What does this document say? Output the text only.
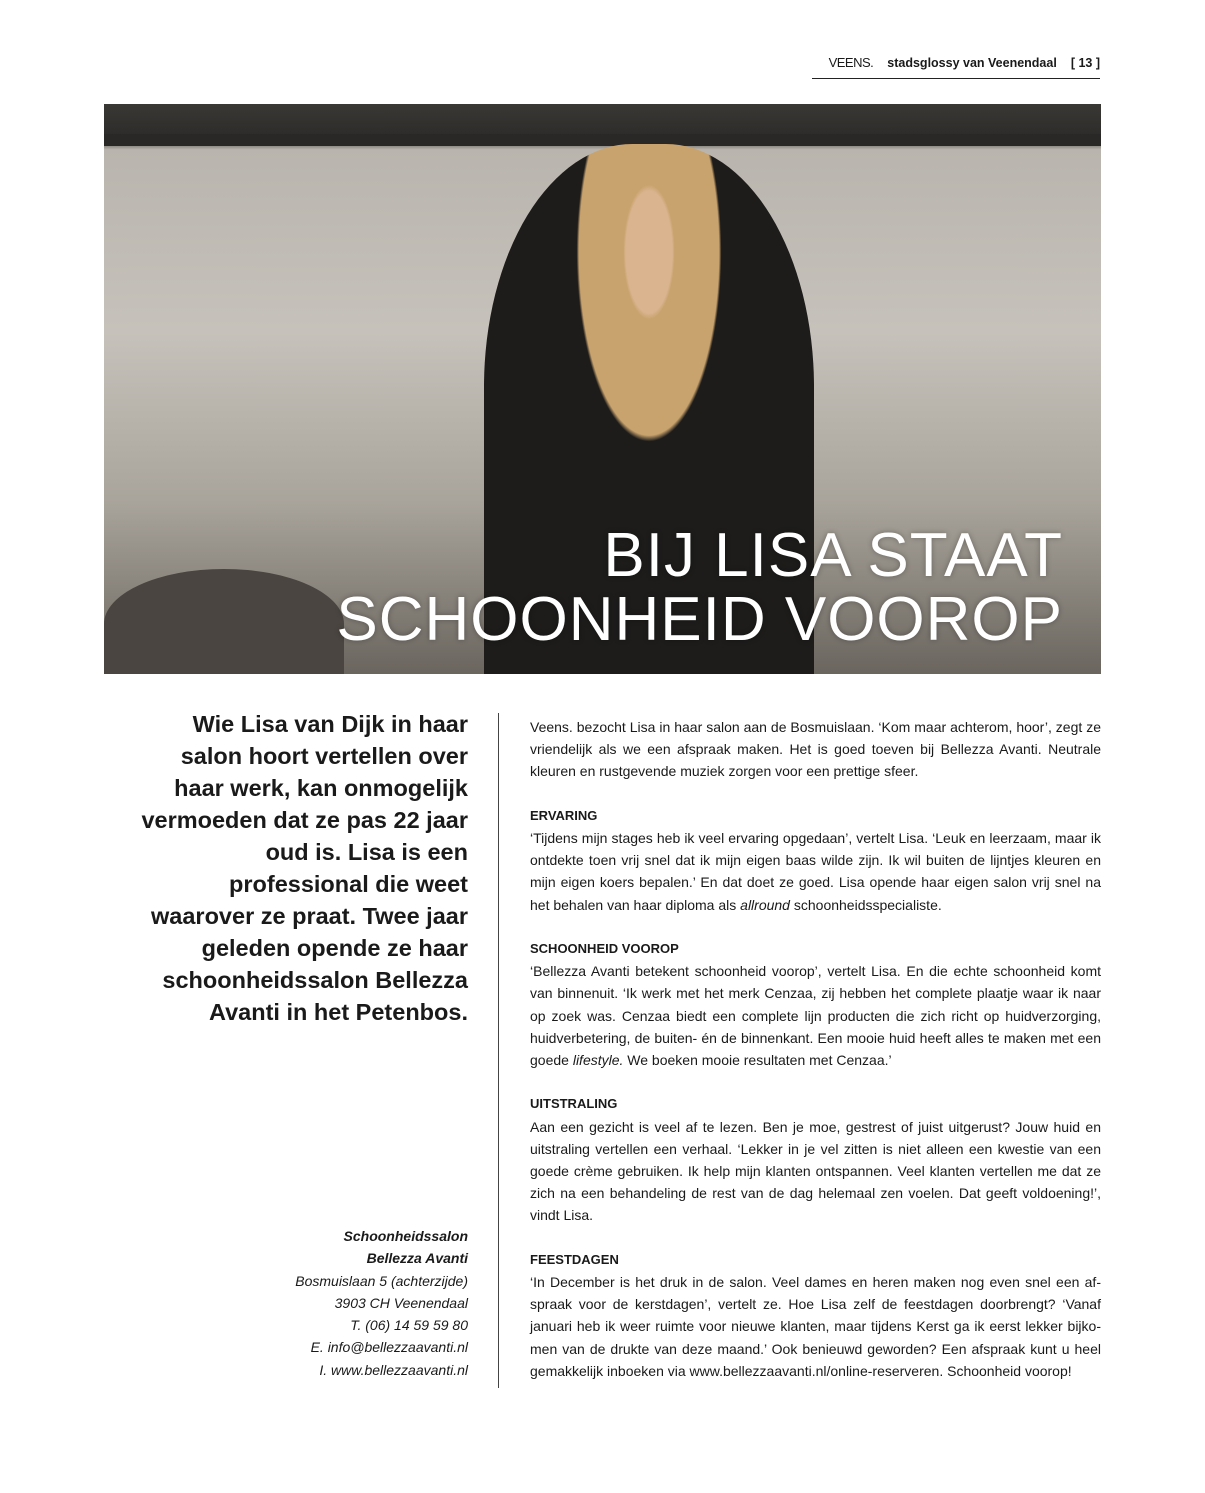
VEENS. stadsglossy van Veenendaal [ 13 ]
BIJ LISA STAAT
SCHOONHEID VOOROP
Wie Lisa van Dijk in haar salon hoort vertellen over haar werk, kan onmogelijk vermoeden dat ze pas 22 jaar oud is. Lisa is een professional die weet waarover ze praat. Twee jaar geleden opende ze haar schoonheidssalon Bellezza Avanti in het Petenbos.
Schoonheidssalon
Bellezza Avanti
Bosmuislaan 5 (achterzijde)
3903 CH Veenendaal
T. (06) 14 59 59 80
E. info@bellezzaavanti.nl
I. www.bellezzaavanti.nl

Veens. bezocht Lisa in haar salon aan de Bosmuislaan. ‘Kom maar achterom, hoor’, zegt ze vriendelijk als we een afspraak maken. Het is goed toeven bij Bellezza Avanti. Neutrale kleuren en rustgevende muziek zorgen voor een prettige sfeer.

ERVARING

‘Tijdens mijn stages heb ik veel ervaring opgedaan’, vertelt Lisa. ‘Leuk en leerzaam, maar ik ontdekte toen vrij snel dat ik mijn eigen baas wilde zijn. Ik wil buiten de lijntjes kleuren en mijn eigen koers bepalen.’ En dat doet ze goed. Lisa opende haar eigen salon vrij snel na het behalen van haar diploma als allround schoonheidsspecialiste.

SCHOONHEID VOOROP

‘Bellezza Avanti betekent schoonheid voorop’, vertelt Lisa. En die echte schoonheid komt van binnenuit. ‘Ik werk met het merk Cenzaa, zij hebben het complete plaatje waar ik naar op zoek was. Cenzaa biedt een complete lijn producten die zich richt op huidverzorging, huidverbetering, de buiten- én de binnenkant. Een mooie huid heeft alles te maken met een goede lifestyle. We boeken mooie resultaten met Cenzaa.’

UITSTRALING

Aan een gezicht is veel af te lezen. Ben je moe, gestrest of juist uitgerust? Jouw huid en uitstraling vertellen een verhaal. ‘Lekker in je vel zitten is niet alleen een kwestie van een goede crème gebruiken. Ik help mijn klanten ontspannen. Veel klanten vertellen me dat ze zich na een behandeling de rest van de dag helemaal zen voelen. Dat geeft voldoening!’, vindt Lisa.

FEESTDAGEN

‘In December is het druk in de salon. Veel dames en heren maken nog even snel een afspraak voor de kerstdagen’, vertelt ze. Hoe Lisa zelf de feestdagen doorbrengt? ‘Vanaf januari heb ik weer ruimte voor nieuwe klanten, maar tijdens Kerst ga ik eerst lekker bijkomen van de drukte van deze maand.’ Ook benieuwd geworden? Een afspraak kunt u heel gemakkelijk inboeken via www.bellezzaavanti.nl/online-reserveren. Schoonheid voorop!
